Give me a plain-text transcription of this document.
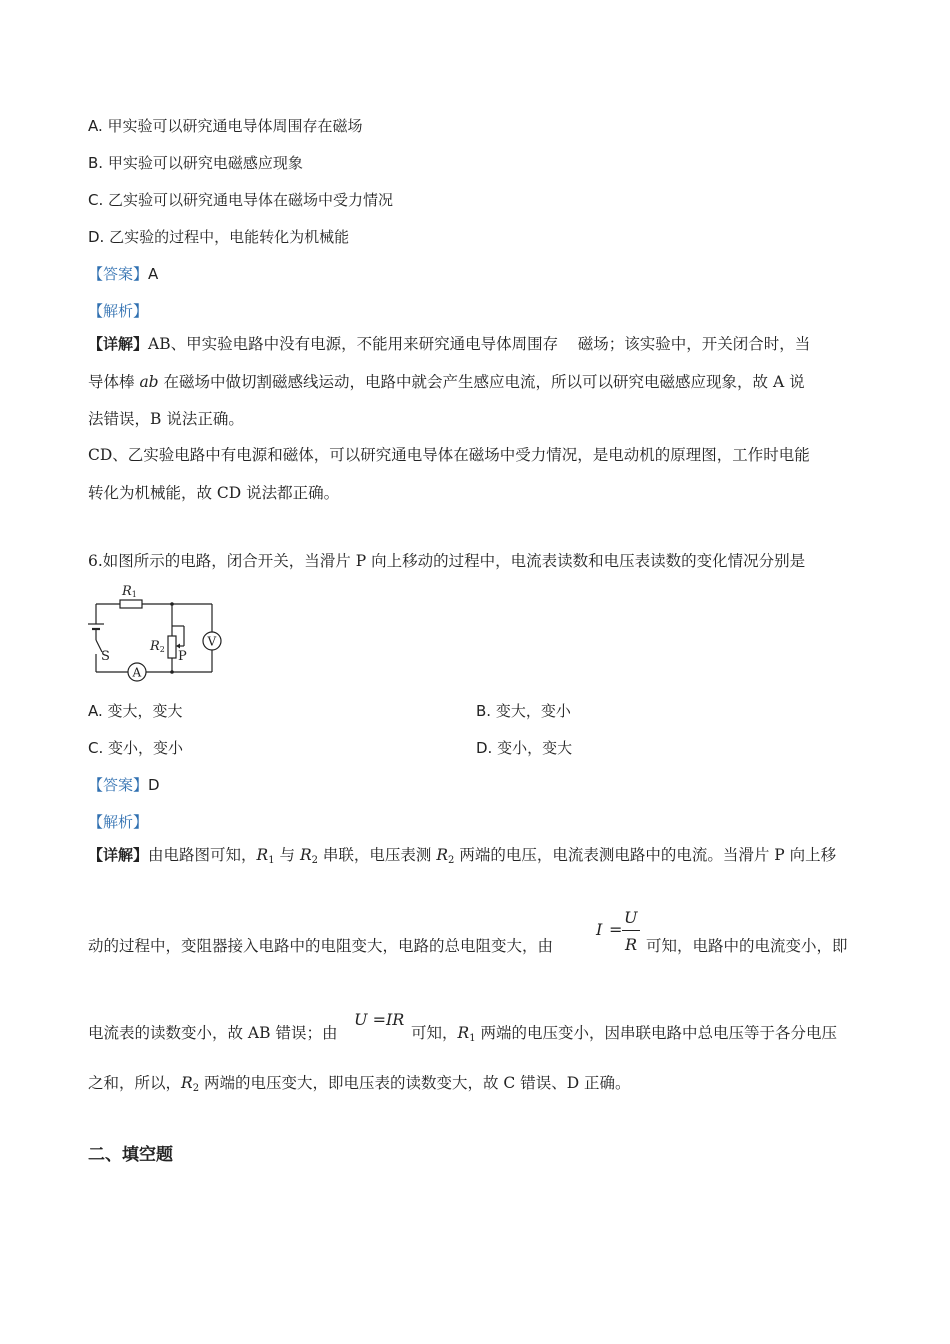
A. 甲实验可以研究通电导体周围存在磁场
B. 甲实验可以研究电磁感应现象
C. 乙实验可以研究通电导体在磁场中受力情况
D. 乙实验的过程中，电能转化为机械能
【答案】A
【解析】
【详解】AB、甲实验电路中没有电源，不能用来研究通电导体周围存    磁场；该实验中，开关闭合时，当
导体棒 ab 在磁场中做切割磁感线运动，电路中就会产生感应电流，所以可以研究电磁感应现象，故 A 说
法错误，B 说法正确。
CD、乙实验电路中有电源和磁体，可以研究通电导体在磁场中受力情况，是电动机的原理图，工作时电能
转化为机械能，故 CD 说法都正确。
6.如图所示的电路，闭合开关，当滑片 P 向上移动的过程中，电流表读数和电压表读数的变化情况分别是
R1
R2 P
S
A
V
A. 变大，变大	B. 变大，变小
C. 变小，变小	D. 变小，变大
【答案】D
【解析】
【详解】由电路图可知，$R_1$ 与 $R_2$ 串联，电压表测 $R_2$ 两端的电压，电流表测电路中的电流。当滑片 P 向上移
动的过程中，变阻器接入电路中的电阻变大，电路的总电阻变大，由
I =
U
R 可知，电路中的电流变小，即
电流表的读数变小，故 AB 错误；由
U =IR
可知，$R_1$ 两端的电压变小，因串联电路中总电压等于各分电压
之和，所以，$R_2$ 两端的电压变大，即电压表的读数变大，故 C 错误、D 正确。
二、填空题
